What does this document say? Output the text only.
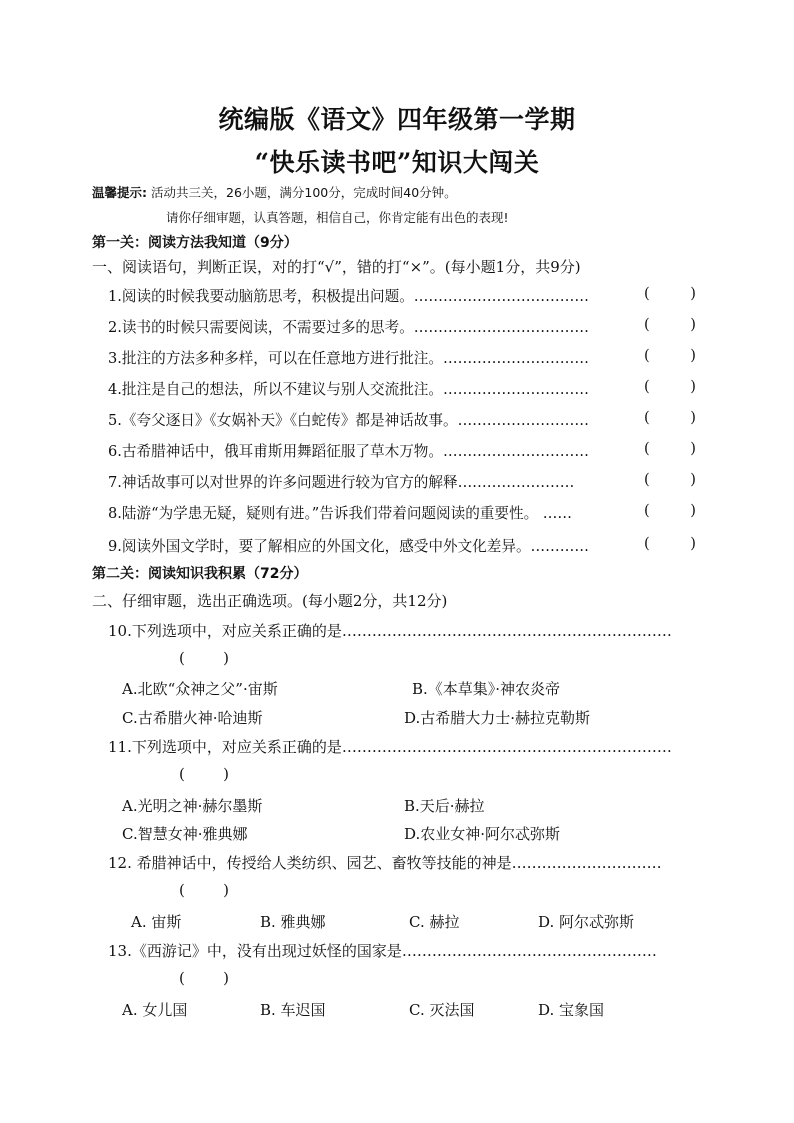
统编版《语文》四年级第一学期
“快乐读书吧”知识大闯关
温馨提示: 活动共三关，26小题，满分100分，完成时间40分钟。
请你仔细审题，认真答题，相信自己，你肯定能有出色的表现!
第一关：阅读方法我知道（9分）
一、阅读语句，判断正误，对的打“√”，错的打“×”。(每小题1分，共9分)
1.阅读的时候我要动脑筋思考，积极提出问题。………………………………	(	)
2.读书的时候只需要阅读，不需要过多的思考。………………………………	(	)
3.批注的方法多种多样，可以在任意地方进行批注。…………………………	(	)
4.批注是自己的想法，所以不建议与别人交流批注。…………………………	(	)
5.《夸父逐日》《女娲补天》《白蛇传》都是神话故事。………………………	(	)
6.古希腊神话中，俄耳甫斯用舞蹈征服了草木万物。…………………………	(	)
7.神话故事可以对世界的许多问题进行较为官方的解释……………………	(	)
8.陆游“为学患无疑，疑则有进。”告诉我们带着问题阅读的重要性。 ……	(	)
9.阅读外国文学时，要了解相应的外国文化，感受中外文化差异。…………	(	)
第二关：阅读知识我积累（72分）
二、仔细审题，选出正确选项。(每小题2分，共12分)
10.下列选项中，对应关系正确的是…………………………………………………………
(	)
A.北欧“众神之父”·宙斯	B.《本草集》·神农炎帝
C.古希腊火神·哈迪斯	D.古希腊大力士·赫拉克勒斯
11.下列选项中，对应关系正确的是…………………………………………………………
(	)
A.光明之神·赫尔墨斯	B.天后·赫拉
C.智慧女神·雅典娜	D.农业女神·阿尔忒弥斯
12. 希腊神话中，传授给人类纺织、园艺、畜牧等技能的神是…………………………
(	)
A. 宙斯	B. 雅典娜	C. 赫拉	D. 阿尔忒弥斯
13.《西游记》中，没有出现过妖怪的国家是……………………………………………
(	)
A. 女儿国	B. 车迟国	C. 灭法国	D. 宝象国
